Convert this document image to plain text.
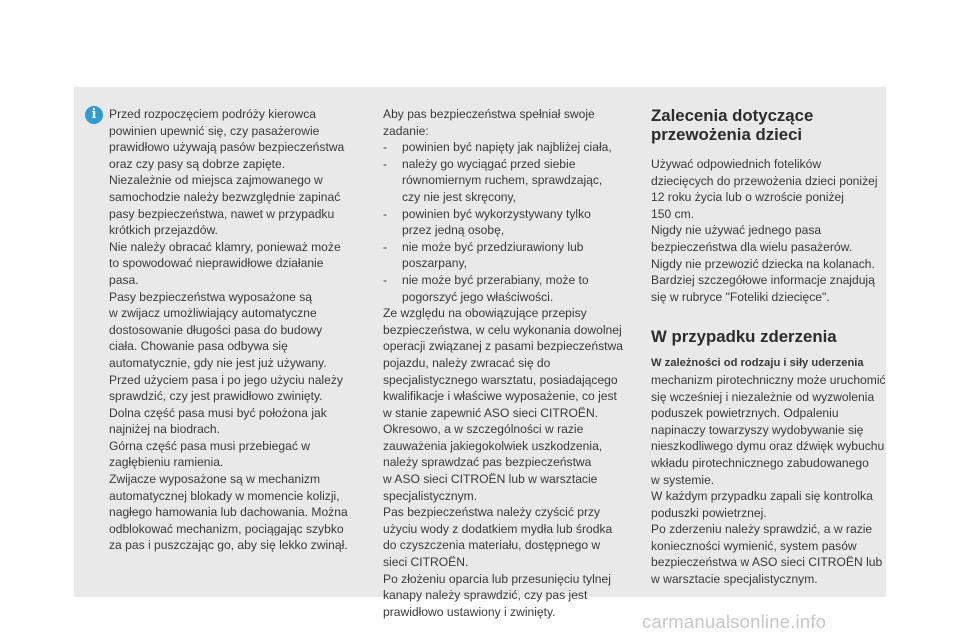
i	Przed rozpoczęciem podróży kierowca

powinien upewnić się, czy pasażerowie

prawidłowo używają pasów bezpieczeństwa

oraz czy pasy są dobrze zapięte.

Niezależnie od miejsca zajmowanego w

samochodzie należy bezwzględnie zapinać

pasy bezpieczeństwa, nawet w przypadku

krótkich przejazdów.

Nie należy obracać klamry, ponieważ może

to spowodować nieprawidłowe działanie

pasa.

Pasy bezpieczeństwa wyposażone są

w zwijacz umożliwiający automatyczne

dostosowanie długości pasa do budowy

ciała. Chowanie pasa odbywa się

automatycznie, gdy nie jest już używany.

Przed użyciem pasa i po jego użyciu należy

sprawdzić, czy jest prawidłowo zwinięty.

Dolna część pasa musi być położona jak

najniżej na biodrach.

Górna część pasa musi przebiegać w

zagłębieniu ramienia.

Zwijacze wyposażone są w mechanizm

automatycznej blokady w momencie kolizji,

nagłego hamowania lub dachowania. Można

odblokować mechanizm, pociągając szybko

za pas i puszczając go, aby się lekko zwinął.

Aby pas bezpieczeństwa spełniał swoje

zadanie:

-	powinien być napięty jak najbliżej ciała,

-	należy go wyciągać przed siebie

równomiernym ruchem, sprawdzając,

czy nie jest skręcony,

-	powinien być wykorzystywany tylko

przez jedną osobę,

-	nie może być przedziurawiony lub

poszarpany,

-	nie może być przerabiany, może to

pogorszyć jego właściwości.

Ze względu na obowiązujące przepisy

bezpieczeństwa, w celu wykonania dowolnej

operacji związanej z pasami bezpieczeństwa

pojazdu, należy zwracać się do

specjalistycznego warsztatu, posiadającego

kwalifikacje i właściwe wyposażenie, co jest

w stanie zapewnić ASO sieci CITROËN.

Okresowo, a w szczególności w razie

zauważenia jakiegokolwiek uszkodzenia,

należy sprawdzać pas bezpieczeństwa

w ASO sieci CITROËN lub w warsztacie

specjalistycznym.

Pas bezpieczeństwa należy czyścić przy

użyciu wody z dodatkiem mydła lub środka

do czyszczenia materiału, dostępnego w

sieci CITROËN.

Po złożeniu oparcia lub przesunięciu tylnej

kanapy należy sprawdzić, czy pas jest

prawidłowo ustawiony i zwinięty.

Zalecenia dotyczące
przewożenia dzieci

Używać odpowiednich fotelików

dziecięcych do przewożenia dzieci poniżej

12 roku życia lub o wzroście poniżej

150 cm.

Nigdy nie używać jednego pasa

bezpieczeństwa dla wielu pasażerów.

Nigdy nie przewozić dziecka na kolanach.

Bardziej szczegółowe informacje znajdują

się w rubryce "Foteliki dziecięce".

W przypadku zderzenia

W zależności od rodzaju i siły uderzenia

mechanizm pirotechniczny może uruchomić

się wcześniej i niezależnie od wyzwolenia

poduszek powietrznych. Odpaleniu

napinaczy towarzyszy wydobywanie się

nieszkodliwego dymu oraz dźwięk wybuchu

wkładu pirotechnicznego zabudowanego

w systemie.

W każdym przypadku zapali się kontrolka

poduszki powietrznej.

Po zderzeniu należy sprawdzić, a w razie

konieczności wymienić, system pasów

bezpieczeństwa w ASO sieci CITROËN lub

w warsztacie specjalistycznym.

carmanualsonline.info
